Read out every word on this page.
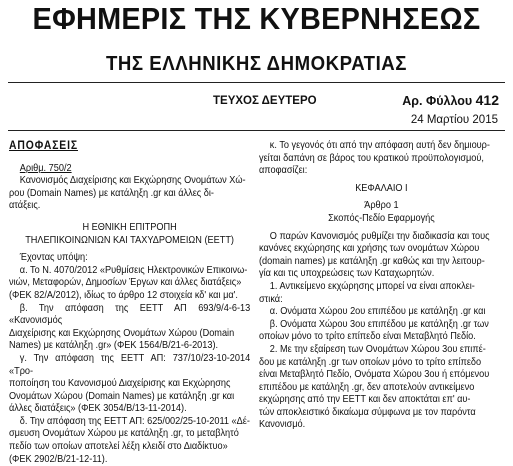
ΕΦΗΜΕΡΙΣ ΤΗΣ ΚΥΒΕΡΝΗΣΕΩΣ
ΤΗΣ ΕΛΛΗΝΙΚΗΣ ΔΗΜΟΚΡΑΤΙΑΣ
ΤΕΥΧΟΣ ΔΕΥΤΕΡΟ	Αρ. Φύλλου 412
24 Μαρτίου 2015

ΑΠΟΦΑΣΕΙΣ

Αριθμ. 750/2

Κανονισμός Διαχείρισης και Εκχώρησης Ονομάτων Χώ-

ρου (Domain Names) με κατάληξη .gr και άλλες δι-

ατάξεις.

Η ΕΘΝΙΚΗ ΕΠΙΤΡΟΠΗ

ΤΗΛΕΠΙΚΟΙΝΩΝΙΩΝ ΚΑΙ ΤΑΧΥΔΡΟΜΕΙΩΝ (ΕΕΤΤ)

Έχοντας υπόψη:

α. Το Ν. 4070/2012 «Ρυθμίσεις Ηλεκτρονικών Επικοινω-

νιών, Μεταφορών, Δημοσίων Έργων και άλλες διατάξεις»

(ΦΕΚ 82/Α/2012), ιδίως το άρθρο 12 στοιχεία κδ' και μα'.

β. Την απόφαση της ΕΕΤΤ ΑΠ 693/9/4-6-13 «Κανονισμός

Διαχείρισης και Εκχώρησης Ονομάτων Χώρου (Domain

Names) με κατάληξη .gr» (ΦΕΚ 1564/Β/21-6-2013).

γ. Την απόφαση της ΕΕΤΤ ΑΠ: 737/10/23-10-2014 «Τρο-

ποποίηση του Κανονισμού Διαχείρισης και Εκχώρησης

Ονομάτων Χώρου (Domain Names) με κατάληξη .gr και

άλλες διατάξεις» (ΦΕΚ 3054/Β/13-11-2014).

δ. Την απόφαση της ΕΕΤΤ ΑΠ: 625/002/25-10-2011 «Δέ-

σμευση Ονομάτων Χώρου με κατάληξη .gr, το μεταβλητό

πεδίο των οποίων αποτελεί λέξη κλειδί στο Διαδίκτυο»

(ΦΕΚ 2902/Β/21-12-11).

κ. Το γεγονός ότι από την απόφαση αυτή δεν δημιουρ-

γείται δαπάνη σε βάρος του κρατικού προϋπολογισμού,

αποφασίζει:

ΚΕΦΑΛΑΙΟ Ι

Άρθρο 1

Σκοπός-Πεδίο Εφαρμογής

Ο παρών Κανονισμός ρυθμίζει την διαδικασία και τους

κανόνες εκχώρησης και χρήσης των ονομάτων Χώρου

(domain names) με κατάληξη .gr καθώς και την λειτουρ-

γία και τις υποχρεώσεις των Καταχωρητών.

1. Αντικείμενο εκχώρησης μπορεί να είναι αποκλει-

στικά:

α. Ονόματα Χώρου 2ου επιπέδου με κατάληξη .gr και

β. Ονόματα Χώρου 3ου επιπέδου με κατάληξη .gr των

οποίων μόνο το τρίτο επίπεδο είναι Μεταβλητό Πεδίο.

2. Με την εξαίρεση των Ονομάτων Χώρου 3ου επιπέ-

δου με κατάληξη .gr των οποίων μόνο το τρίτο επίπεδο

είναι Μεταβλητό Πεδίο, Ονόματα Χώρου 3ου ή επόμενου

επιπέδου με κατάληξη .gr, δεν αποτελούν αντικείμενο

εκχώρησης από την ΕΕΤΤ και δεν αποκτάται επ' αυ-

τών αποκλειστικό δικαίωμα σύμφωνα με τον παρόντα

Κανονισμό.
